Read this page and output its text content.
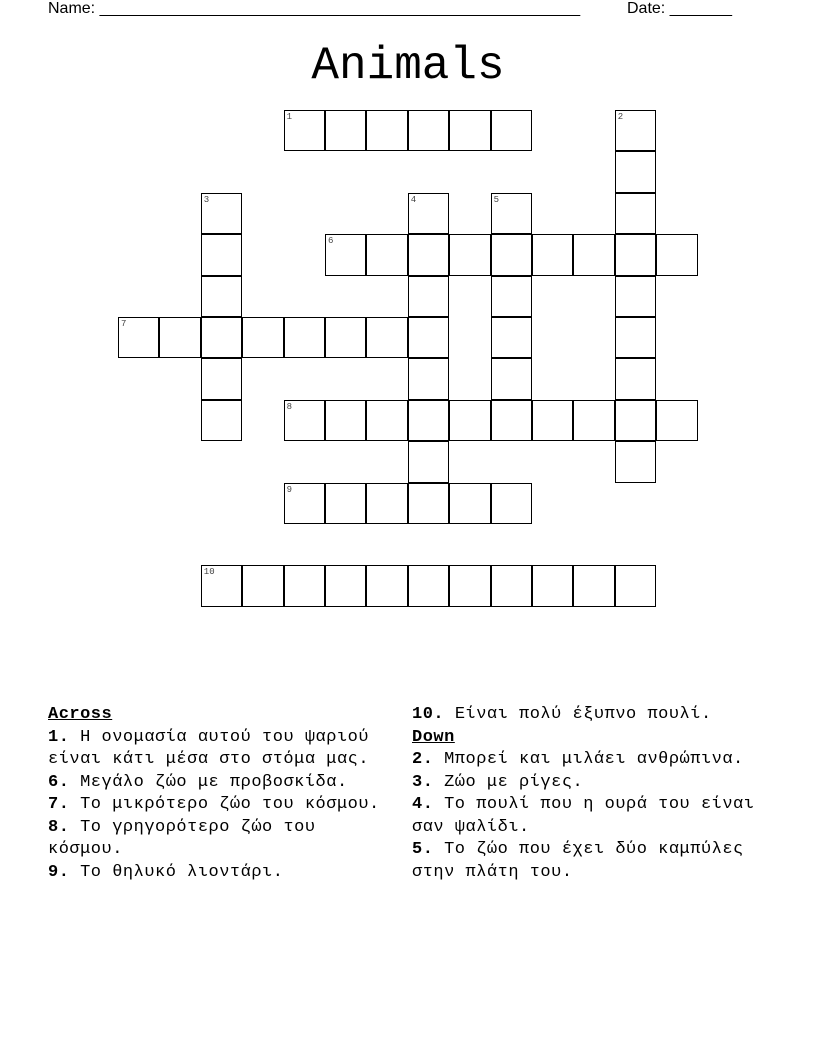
Name: ______________________________________________________	Date: _______
Animals
1
6
7
8
9
10
2
3	4	5
Across
1. Η ονομασία αυτού του ψαριού είναι κάτι μέσα στο στόμα μας.
6. Μεγάλο ζώο με προβοσκίδα.
7. Το μικρότερο ζώο του κόσμου.
8. Το γρηγορότερο ζώο του κόσμου.
9. Το θηλυκό λιοντάρι.
10. Είναι πολύ έξυπνο πουλί.
Down
2. Μπορεί και μιλάει ανθρώπινα.
3. Ζώο με ρίγες.
4. Το πουλί που η ουρά του είναι σαν ψαλίδι.
5. Το ζώο που έχει δύο καμπύλες στην πλάτη του.
